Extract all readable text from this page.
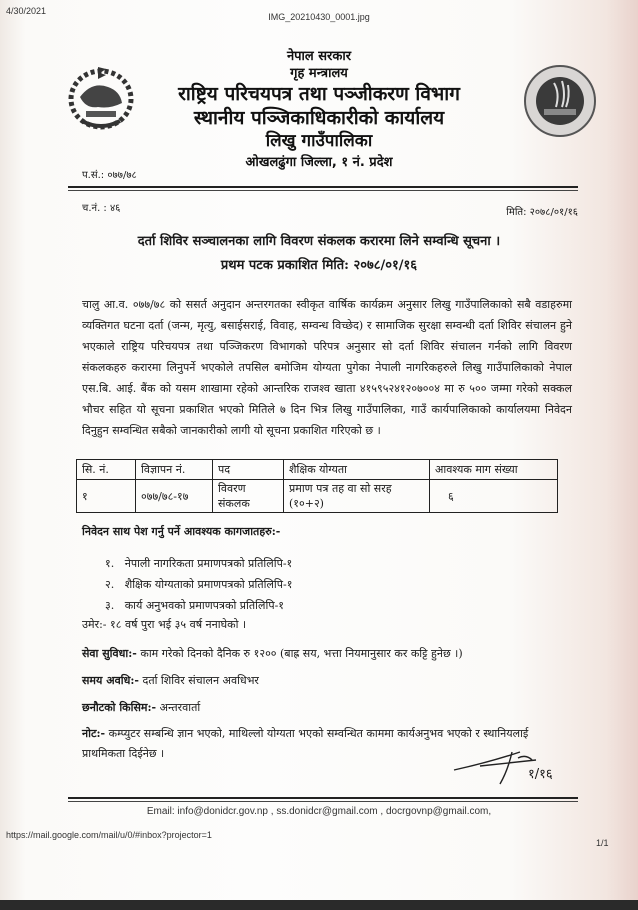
4/30/2021
IMG_20210430_0001.jpg
नेपाल सरकार
गृह मन्त्रालय
राष्ट्रिय परिचयपत्र तथा पञ्जीकरण विभाग
स्थानीय पञ्जिकाधिकारीको कार्यालय
लिखु गाउँपालिका
ओखलढुंगा जिल्ला, १ नं. प्रदेश
प.सं.: ०७७/७८
च.नं. : ४६	मिति: २०७८/०१/१६
दर्ता शिविर सञ्चालनका लागि विवरण संकलक करारमा लिने सम्वन्धि सूचना ।
प्रथम पटक प्रकाशित मिति: २०७८/०१/१६
चालु आ.व. ०७७/७८ को ससर्त अनुदान अन्तरगतका स्वीकृत वार्षिक कार्यक्रम अनुसार लिखु गाउँपालिकाको सबै वडाहरुमा व्यक्तिगत घटना दर्ता (जन्म, मृत्यु, बसाईसराई, विवाह, सम्वन्ध विच्छेद) र सामाजिक सुरक्षा सम्वन्धी दर्ता शिविर संचालन हुने भएकाले राष्ट्रिय परिचयपत्र तथा पञ्जिकरण विभागको परिपत्र अनुसार सो दर्ता शिविर संचालन गर्नको लागि विवरण संकलकहरु करारमा लिनुपर्ने भएकोले तपसिल बमोजिम योग्यता पुगेका नेपाली नागरिकहरुले लिखु गाउँपालिकाको नेपाल एस.बि. आई. बैंक को यसम शाखामा रहेको आन्तरिक राजश्व खाता ४१५९५२४१२०७००४ मा रु ५०० जम्मा गरेको सक्कल भौचर सहित यो सूचना प्रकाशित भएको मितिले ७ दिन भित्र लिखु गाउँपालिका, गाउँ कार्यपालिकाको कार्यालयमा निवेदन दिनुहुन सम्वन्धित सबैको जानकारीको लागी यो सूचना प्रकाशित गरिएको छ ।
सि. नं.	विज्ञापन नं.	पद	शैक्षिक योग्यता	आवश्यक माग संख्या
१	०७७/७८-१७	विवरण संकलक	प्रमाण पत्र तह वा सो सरह (१०+२)	६
निवेदन साथ पेश गर्नु पर्ने आवश्यक कागजातहरु:-
१. नेपाली नागरिकता प्रमाणपत्रको प्रतिलिपि-१
२. शैक्षिक योग्यताको प्रमाणपत्रको प्रतिलिपि-१
३. कार्य अनुभवको प्रमाणपत्रको प्रतिलिपि-१
उमेर:- १८ वर्ष पुरा भई ३५ वर्ष ननाघेको ।
सेवा सुविधा:- काम गरेको दिनको दैनिक रु १२०० (बाह्र सय, भत्ता नियमानुसार कर कट्टि हुनेछ ।)
समय अवधि:- दर्ता शिविर संचालन अवधिभर
छनौटको किसिम:- अन्तरवार्ता
नोट:- कम्प्युटर सम्बन्धि ज्ञान भएको, माथिल्लो योग्यता भएको सम्वन्धित काममा कार्यअनुभव भएको र स्थानियलाई प्राथमिकता दिईनेछ ।
१/१६
Email: info@donidcr.gov.np , ss.donidcr@gmail.com , docrgovnp@gmail.com,
https://mail.google.com/mail/u/0/#inbox?projector=1
1/1
